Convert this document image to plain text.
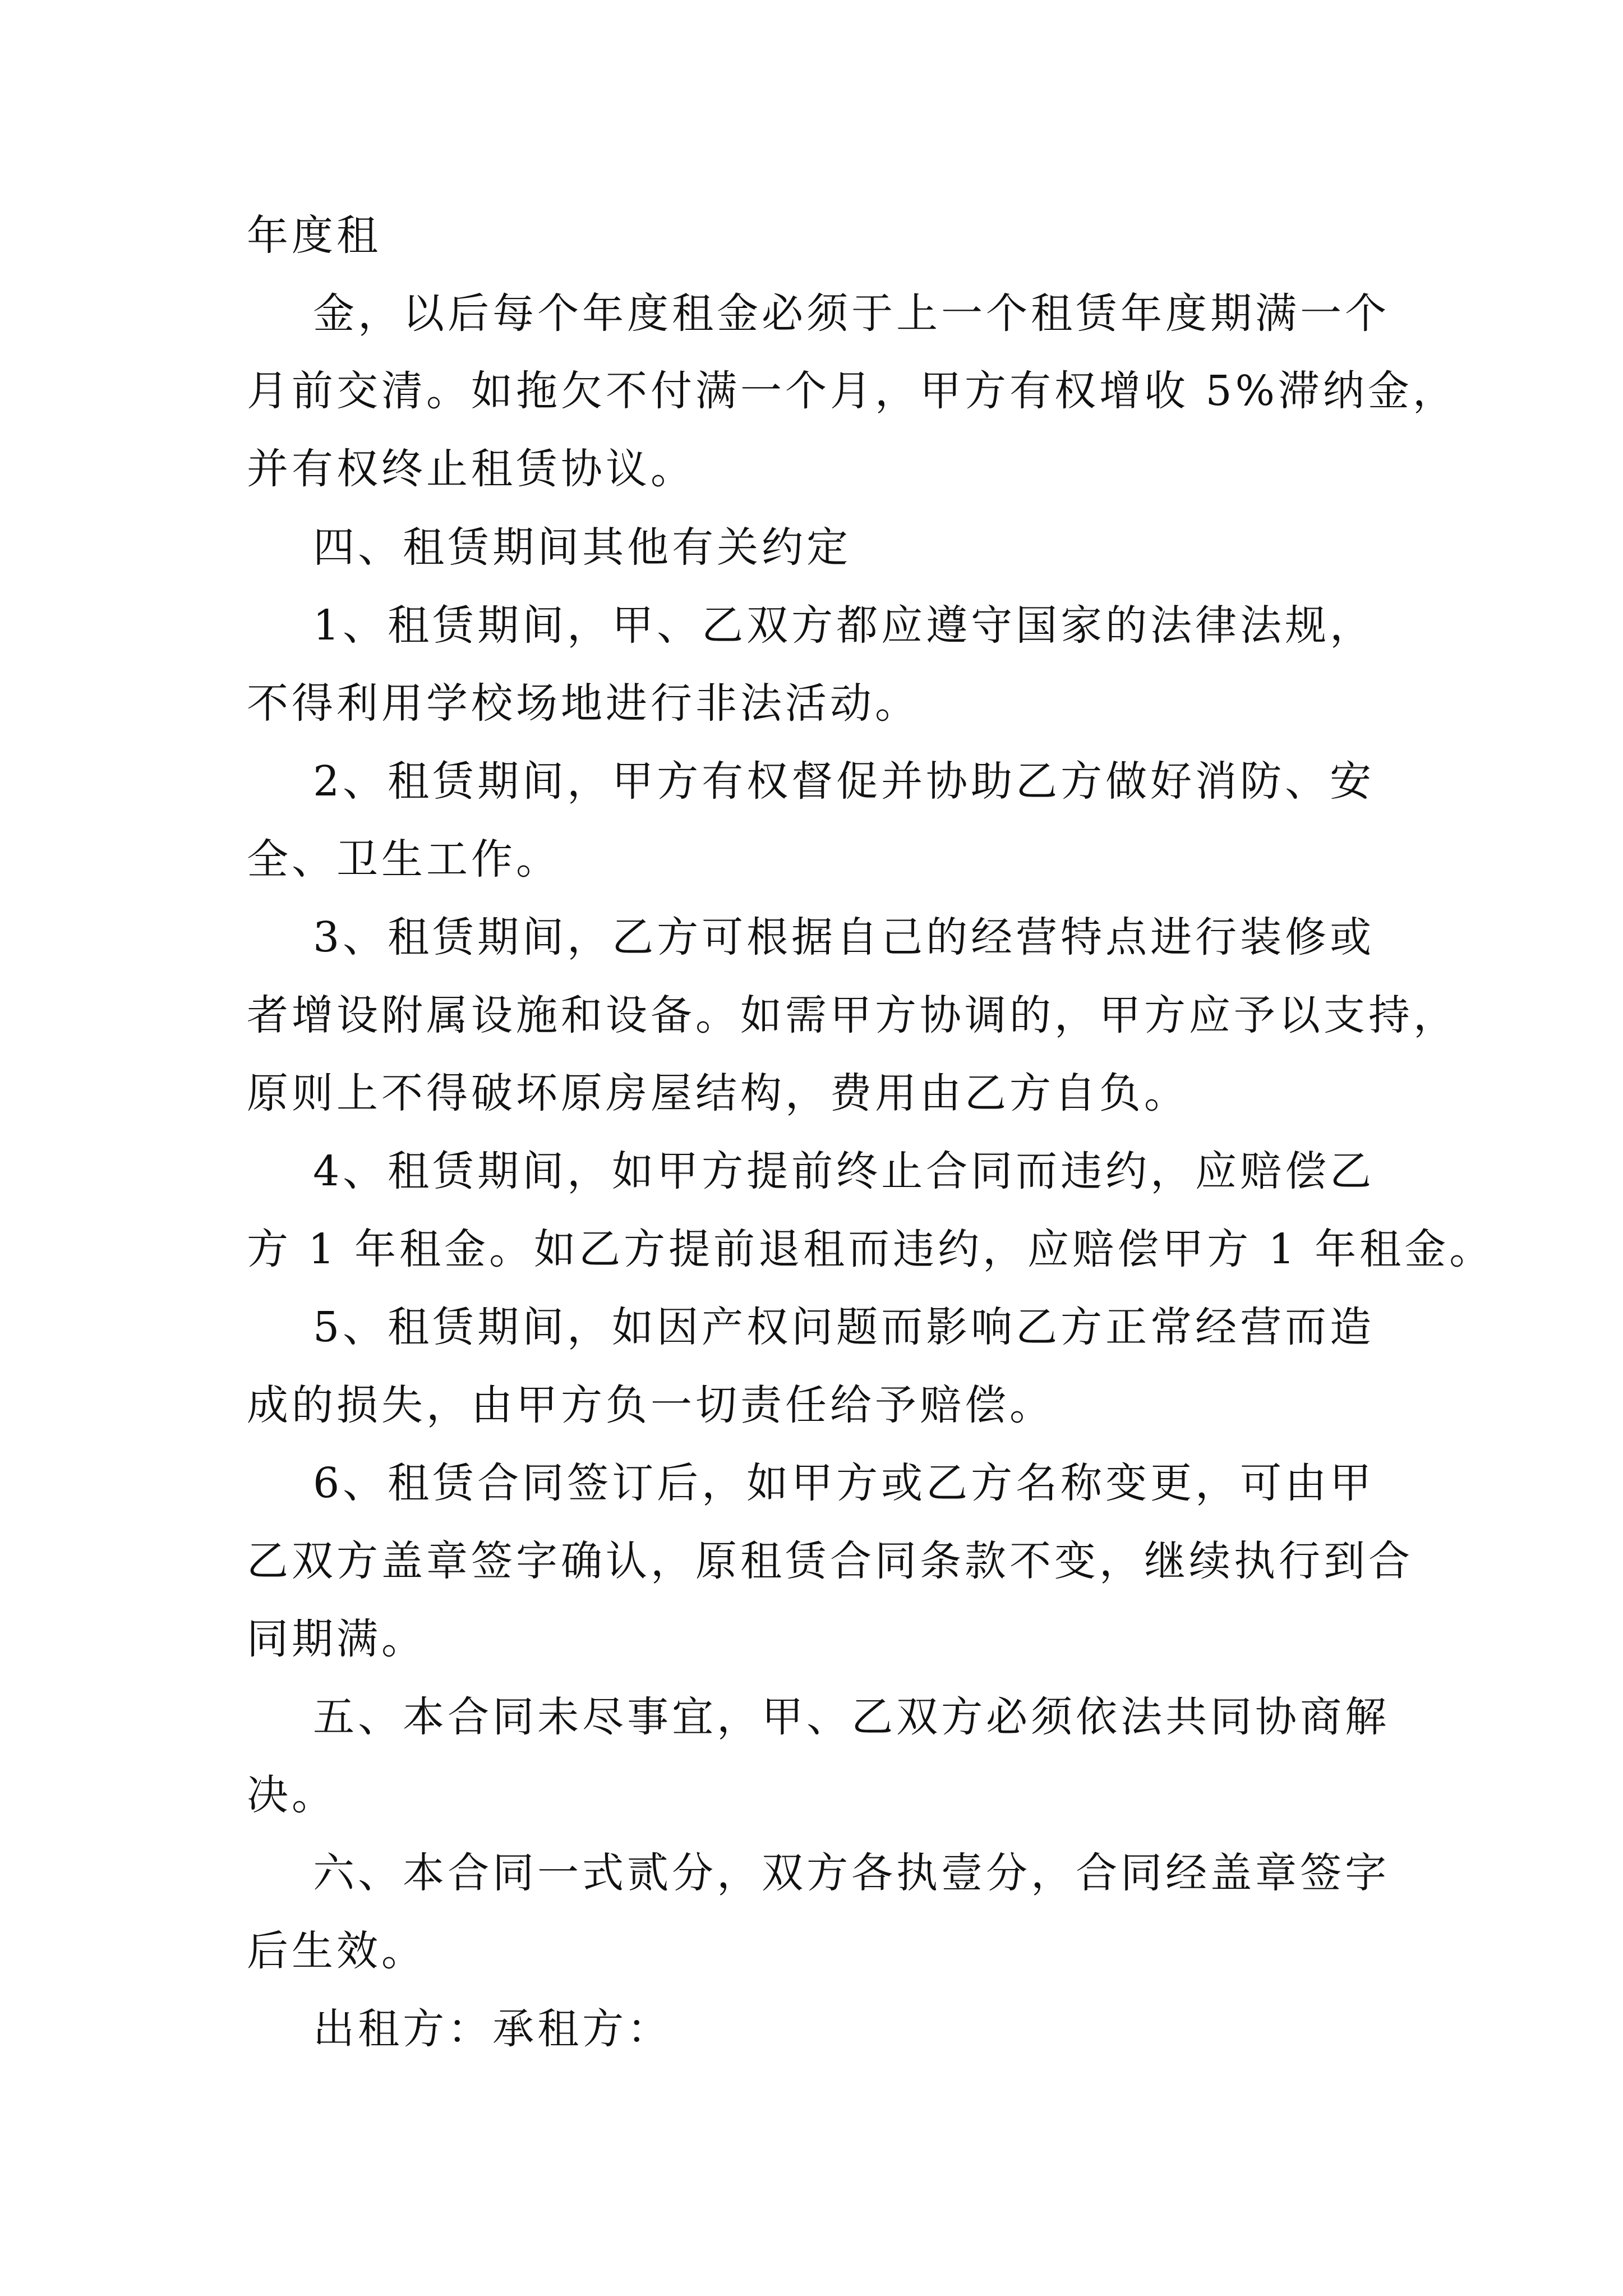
年度租
金，以后每个年度租金必须于上一个租赁年度期满一个
月前交清。如拖欠不付满一个月，甲方有权增收 5%滞纳金，
并有权终止租赁协议。
四、租赁期间其他有关约定
1、租赁期间，甲、乙双方都应遵守国家的法律法规，
不得利用学校场地进行非法活动。
2、租赁期间，甲方有权督促并协助乙方做好消防、安
全、卫生工作。
3、租赁期间，乙方可根据自己的经营特点进行装修或
者增设附属设施和设备。如需甲方协调的，甲方应予以支持，
原则上不得破坏原房屋结构，费用由乙方自负。
4、租赁期间，如甲方提前终止合同而违约，应赔偿乙
方 1 年租金。如乙方提前退租而违约，应赔偿甲方 1 年租金。
5、租赁期间，如因产权问题而影响乙方正常经营而造
成的损失，由甲方负一切责任给予赔偿。
6、租赁合同签订后，如甲方或乙方名称变更，可由甲
乙双方盖章签字确认，原租赁合同条款不变，继续执行到合
同期满。
五、本合同未尽事宜，甲、乙双方必须依法共同协商解
决。
六、本合同一式贰分，双方各执壹分，合同经盖章签字
后生效。
出租方：承租方：
